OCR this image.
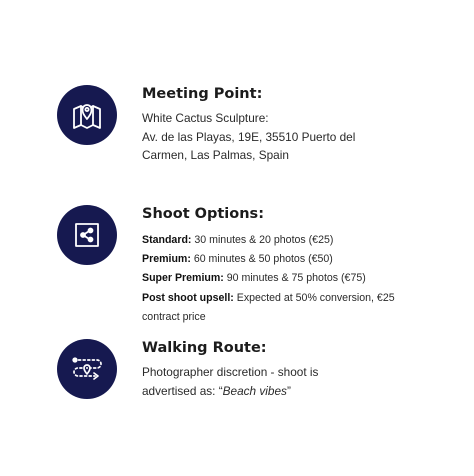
Meeting Point:
White Cactus Sculpture:
Av. de las Playas, 19E, 35510 Puerto del
Carmen, Las Palmas, Spain
Shoot Options:
Standard: 30 minutes & 20 photos (€25)
Premium: 60 minutes & 50 photos (€50)
Super Premium: 90 minutes & 75 photos (€75)
Post shoot upsell: Expected at 50% conversion, €25
contract price
Walking Route:
Photographer discretion - shoot is
advertised as: “Beach vibes”
